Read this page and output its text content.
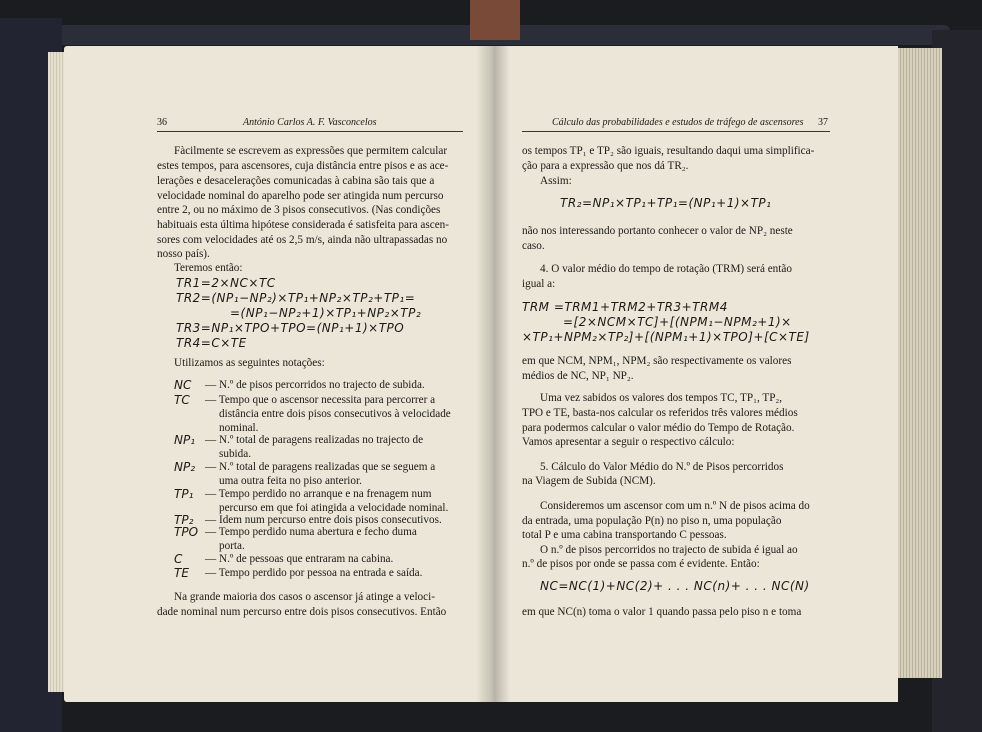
36	António Carlos A. F. Vasconcelos
Fàcilmente se escrevem as expressões que permitem calcular
estes tempos, para ascensores, cuja distância entre pisos e as ace-
lerações e desacelerações comunicadas à cabina são tais que a
velocidade nominal do aparelho pode ser atingida num percurso
entre 2, ou no máximo de 3 pisos consecutivos. (Nas condições
habituais esta última hipótese considerada é satisfeita para ascen-
sores com velocidades até os 2,5 m/s, ainda não ultrapassadas no
nosso país).
Teremos então:
TR1=2×NC×TC
TR2=(NP₁−NP₂)×TP₁+NP₂×TP₂+TP₁=
=(NP₁−NP₂+1)×TP₁+NP₂×TP₂
TR3=NP₁×TPO+TPO=(NP₁+1)×TPO
TR4=C×TE
Utilizamos as seguintes notações:
NC — N.º de pisos percorridos no trajecto de subida.
TC — Tempo que o ascensor necessita para percorrer a
distância entre dois pisos consecutivos à velocidade
nominal.
NP₁ — N.º total de paragens realizadas no trajecto de
subida.
NP₂ — N.º total de paragens realizadas que se seguem a
uma outra feita no piso anterior.
TP₁ — Tempo perdido no arranque e na frenagem num
percurso em que foi atingida a velocidade nominal.
TP₂ — Idem num percurso entre dois pisos consecutivos.
TPO — Tempo perdido numa abertura e fecho duma
porta.
C — N.º de pessoas que entraram na cabina.
TE — Tempo perdido por pessoa na entrada e saída.
Na grande maioria dos casos o ascensor já atinge a veloci-
dade nominal num percurso entre dois pisos consecutivos. Então
Cálculo das probabilidades e estudos de tráfego de ascensores 37
os tempos TP₁ e TP₂ são iguais, resultando daqui uma simplifica-
ção para a expressão que nos dá TR₂.
Assim:
TR₂=NP₁×TP₁+TP₁=(NP₁+1)×TP₁
não nos interessando portanto conhecer o valor de NP₂ neste
caso.
4. O valor médio do tempo de rotação (TRM) será então
igual a:
TRM =TRM1+TRM2+TR3+TRM4
=[2×NCM×TC]+[(NPM₁−NPM₂+1)×
×TP₁+NPM₂×TP₂]+[(NPM₁+1)×TPO]+[C×TE]
em que NCM, NPM₁, NPM₂ são respectivamente os valores
médios de NC, NP₁ NP₂.
Uma vez sabidos os valores dos tempos TC, TP₁, TP₂,
TPO e TE, basta-nos calcular os referidos três valores médios
para podermos calcular o valor médio do Tempo de Rotação.
Vamos apresentar a seguir o respectivo cálculo:
5. Cálculo do Valor Médio do N.º de Pisos percorridos
na Viagem de Subida (NCM).
Consideremos um ascensor com um n.º N de pisos acima do
da entrada, uma população P(n) no piso n, uma população
total P e uma cabina transportando C pessoas.
O n.º de pisos percorridos no trajecto de subida é igual ao
n.º de pisos por onde se passa com é evidente. Então:
NC=NC(1)+NC(2)+ . . . NC(n)+ . . . NC(N)
em que NC(n) toma o valor 1 quando passa pelo piso n e toma
